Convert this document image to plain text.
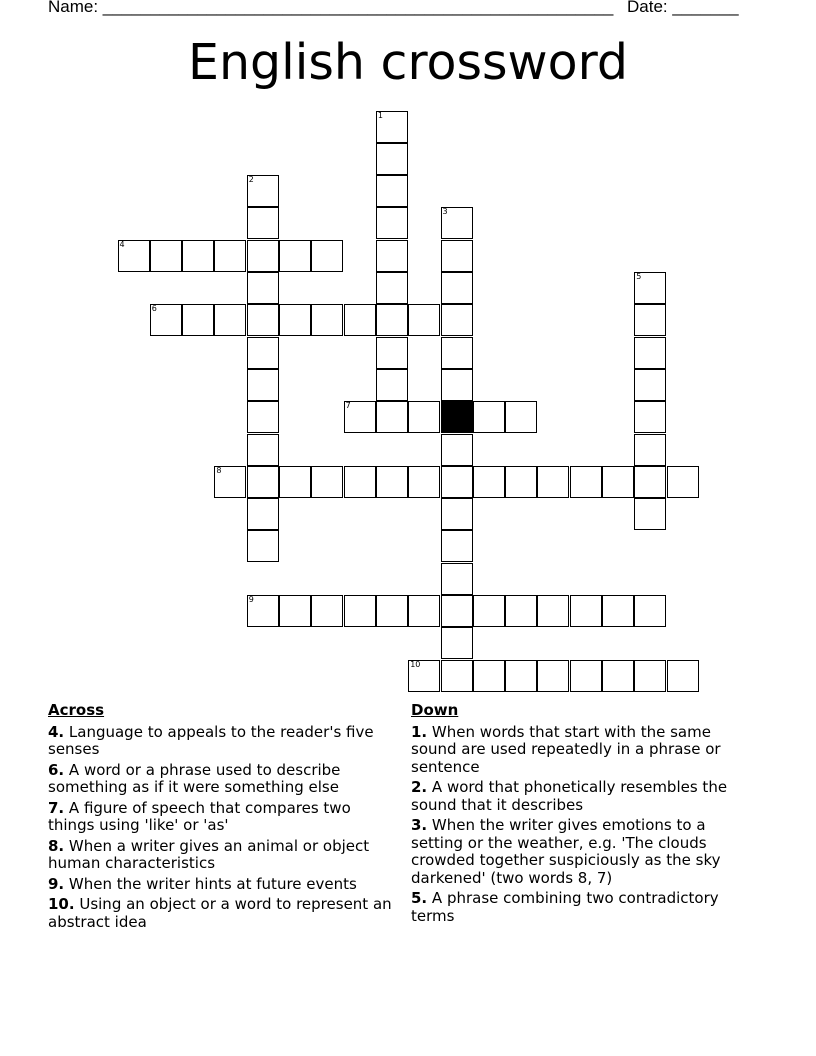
Name: ______________________________________________________ Date: _______
English crossword
1
2
3
4
5
6
7
8
9
10
Across
4. Language to appeals to the reader's five senses
6. A word or a phrase used to describe something as if it were something else
7. A figure of speech that compares two things using 'like' or 'as'
8. When a writer gives an animal or object human characteristics
9. When the writer hints at future events
10. Using an object or a word to represent an abstract idea
Down
1. When words that start with the same sound are used repeatedly in a phrase or sentence
2. A word that phonetically resembles the sound that it describes
3. When the writer gives emotions to a setting or the weather, e.g. 'The clouds crowded together suspiciously as the sky darkened' (two words 8, 7)
5. A phrase combining two contradictory terms
